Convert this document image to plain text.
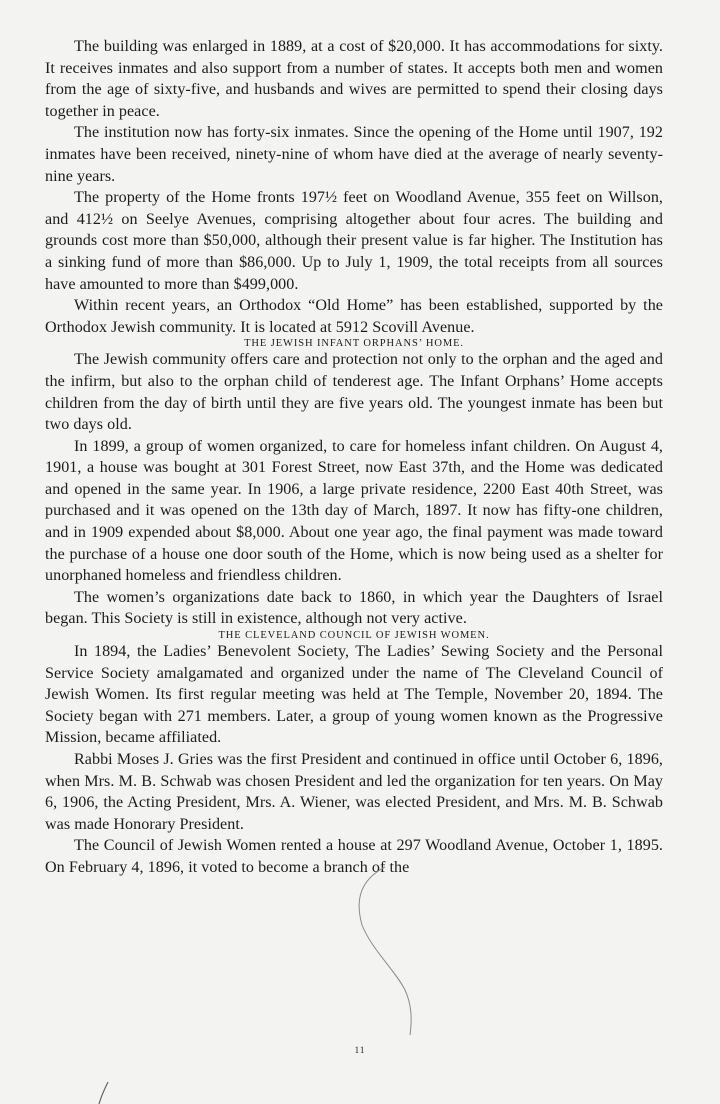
The building was enlarged in 1889, at a cost of $20,000. It has accommodations for sixty. It receives inmates and also support from a number of states. It accepts both men and women from the age of sixty-five, and husbands and wives are permitted to spend their closing days together in peace.

The institution now has forty-six inmates. Since the opening of the Home until 1907, 192 inmates have been received, ninety-nine of whom have died at the average of nearly seventy-nine years.

The property of the Home fronts 197½ feet on Woodland Avenue, 355 feet on Willson, and 412½ on Seelye Avenues, comprising altogether about four acres. The building and grounds cost more than $50,000, although their present value is far higher. The Institution has a sinking fund of more than $86,000. Up to July 1, 1909, the total receipts from all sources have amounted to more than $499,000.

Within recent years, an Orthodox “Old Home” has been established, supported by the Orthodox Jewish community. It is located at 5912 Scovill Avenue.

THE JEWISH INFANT ORPHANS’ HOME.

The Jewish community offers care and protection not only to the orphan and the aged and the infirm, but also to the orphan child of tenderest age. The Infant Orphans’ Home accepts children from the day of birth until they are five years old. The youngest inmate has been but two days old.

In 1899, a group of women organized, to care for homeless infant children. On August 4, 1901, a house was bought at 301 Forest Street, now East 37th, and the Home was dedicated and opened in the same year. In 1906, a large private residence, 2200 East 40th Street, was purchased and it was opened on the 13th day of March, 1897. It now has fifty-one children, and in 1909 expended about $8,000. About one year ago, the final payment was made toward the purchase of a house one door south of the Home, which is now being used as a shelter for unorphaned homeless and friendless children.

The women’s organizations date back to 1860, in which year the Daughters of Israel began. This Society is still in existence, although not very active.

THE CLEVELAND COUNCIL OF JEWISH WOMEN.

In 1894, the Ladies’ Benevolent Society, The Ladies’ Sewing Society and the Personal Service Society amalgamated and organized under the name of The Cleveland Council of Jewish Women. Its first regular meeting was held at The Temple, November 20, 1894. The Society began with 271 members. Later, a group of young women known as the Progressive Mission, became affiliated.

Rabbi Moses J. Gries was the first President and continued in office until October 6, 1896, when Mrs. M. B. Schwab was chosen President and led the organization for ten years. On May 6, 1906, the Acting President, Mrs. A. Wiener, was elected President, and Mrs. M. B. Schwab was made Honorary President.

The Council of Jewish Women rented a house at 297 Woodland Avenue, October 1, 1895. On February 4, 1896, it voted to become a branch of the

11
